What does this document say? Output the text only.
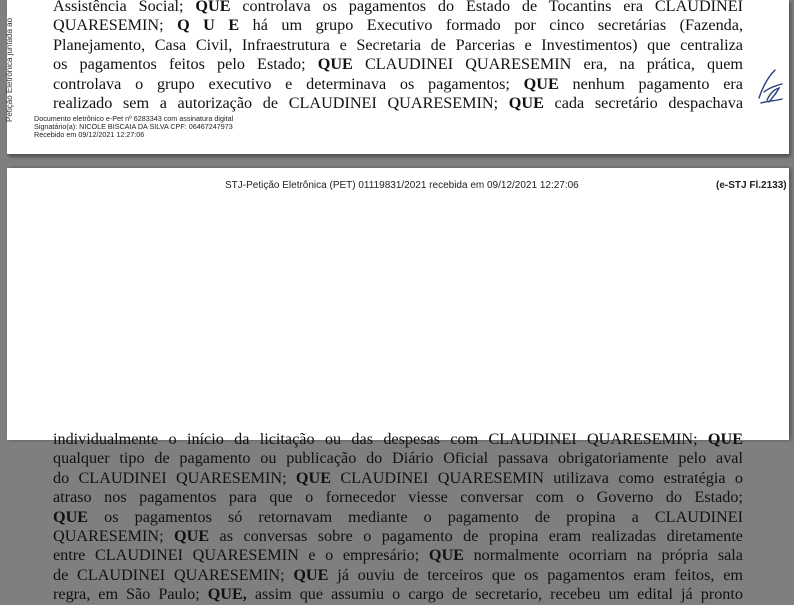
Petição Eletrônica juntada ao
Assistência Social; QUE controlava os pagamentos do Estado de Tocantins era CLAUDINEI
QUARESEMIN; Q U E há um grupo Executivo formado por cinco secretárias (Fazenda,
Planejamento, Casa Civil, Infraestrutura e Secretaria de Parcerias e Investimentos) que centraliza
os pagamentos feitos pelo Estado; QUE CLAUDINEI QUARESEMIN era, na prática, quem
controlava o grupo executivo e determinava os pagamentos; QUE nenhum pagamento era
realizado sem a autorização de CLAUDINEI QUARESEMIN; QUE cada secretário despachava
Documento eletrônico e-Pet nº 6283343 com assinatura digital
Signatário(a): NICOLE BISCAIA DA SILVA CPF: 06467247973
Recebido em 09/12/2021 12:27:06
STJ-Petição Eletrônica (PET) 01119831/2021 recebida em 09/12/2021 12:27:06	(e-STJ Fl.2133)
individualmente o início da licitação ou das despesas com CLAUDINEI QUARESEMIN; QUE
qualquer tipo de pagamento ou publicação do Diário Oficial passava obrigatoriamente pelo aval
do CLAUDINEI QUARESEMIN; QUE CLAUDINEI QUARESEMIN utilizava como estratégia o
atraso nos pagamentos para que o fornecedor viesse conversar com o Governo do Estado;
QUE os pagamentos só retornavam mediante o pagamento de propina a CLAUDINEI
QUARESEMIN; QUE as conversas sobre o pagamento de propina eram realizadas diretamente
entre CLAUDINEI QUARESEMIN e o empresário; QUE normalmente ocorriam na própria sala
de CLAUDINEI QUARESEMIN; QUE já ouviu de terceiros que os pagamentos eram feitos, em
regra, em São Paulo; QUE, assim que assumiu o cargo de secretario, recebeu um edital já pronto
